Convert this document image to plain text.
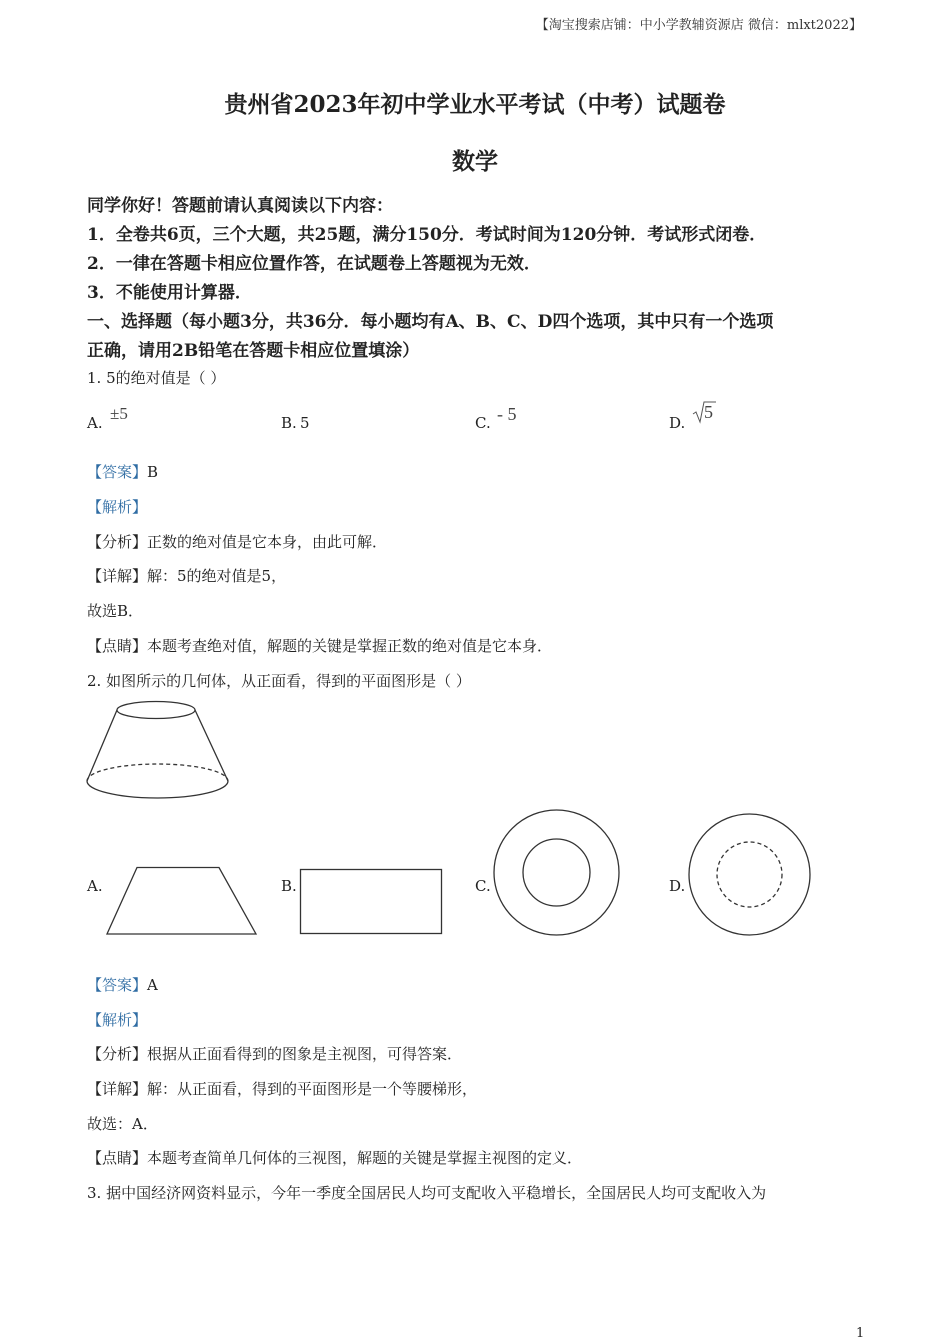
【淘宝搜索店铺：中小学教辅资源店 微信：mlxt2022】
贵州省2023年初中学业水平考试（中考）试题卷
数学
同学你好！答题前请认真阅读以下内容：
1．全卷共6页，三个大题，共25题，满分150分．考试时间为120分钟．考试形式闭卷．
2．一律在答题卡相应位置作答，在试题卷上答题视为无效．
3．不能使用计算器．
一、选择题（每小题3分，共36分．每小题均有A、B、C、D四个选项，其中只有一个选项
正确，请用2B铅笔在答题卡相应位置填涂）
1. 5的绝对值是（ ）
A. ±5	B. 5	C. - 5	D.
5
【答案】B
【解析】
【分析】正数的绝对值是它本身，由此可解．
【详解】解：5的绝对值是5，
故选B．
【点睛】本题考查绝对值，解题的关键是掌握正数的绝对值是它本身．
2. 如图所示的几何体，从正面看，得到的平面图形是（ ）
A.	B.	C.	D.
【答案】A
【解析】
【分析】根据从正面看得到的图象是主视图，可得答案．
【详解】解：从正面看，得到的平面图形是一个等腰梯形，
故选：A．
【点睛】本题考查简单几何体的三视图，解题的关键是掌握主视图的定义．
3. 据中国经济网资料显示，今年一季度全国居民人均可支配收入平稳增长，全国居民人均可支配收入为
1
